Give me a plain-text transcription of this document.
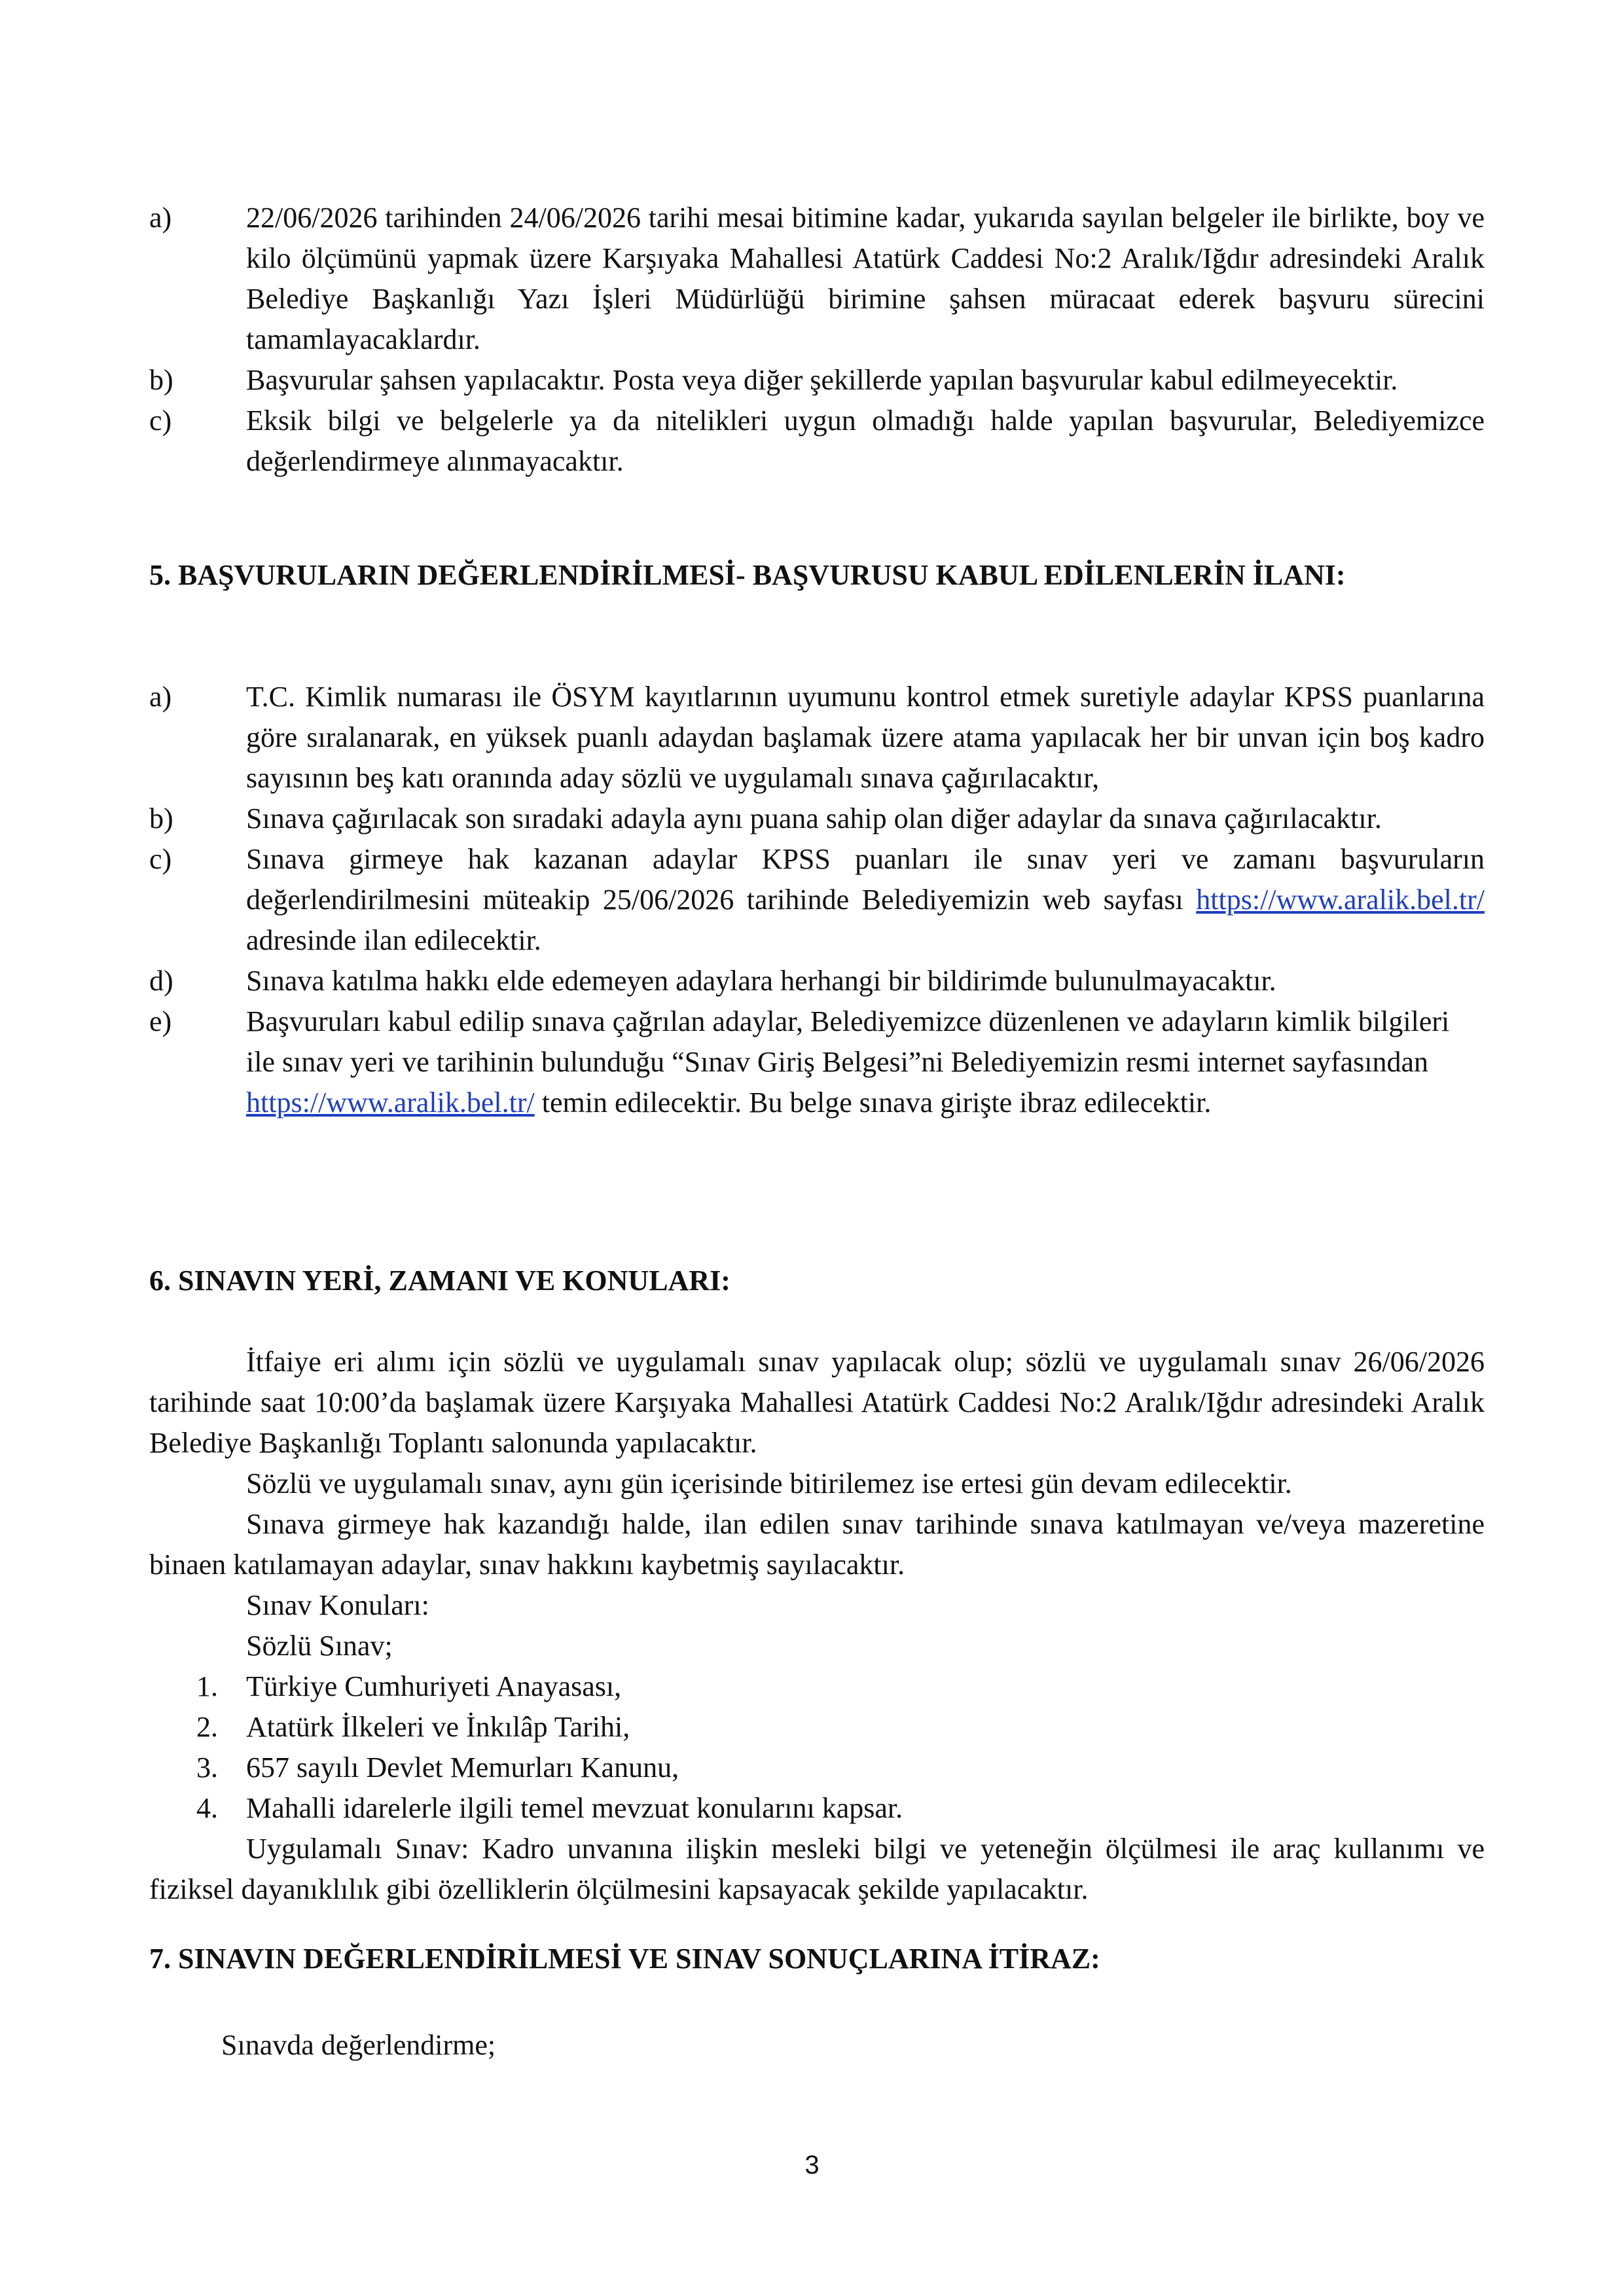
a)	22/06/2026 tarihinden 24/06/2026 tarihi mesai bitimine kadar, yukarıda sayılan belgeler ile birlikte, boy ve kilo ölçümünü yapmak üzere Karşıyaka Mahallesi Atatürk Caddesi No:2 Aralık/Iğdır adresindeki Aralık Belediye Başkanlığı Yazı İşleri Müdürlüğü birimine şahsen müracaat ederek başvuru sürecini tamamlayacaklardır.
b)	Başvurular şahsen yapılacaktır. Posta veya diğer şekillerde yapılan başvurular kabul edilmeyecektir.
c)	Eksik bilgi ve belgelerle ya da nitelikleri uygun olmadığı halde yapılan başvurular, Belediyemizce değerlendirmeye alınmayacaktır.
5. BAŞVURULARIN DEĞERLENDİRİLMESİ- BAŞVURUSU KABUL EDİLENLERİN İLANI:
a)	T.C. Kimlik numarası ile ÖSYM kayıtlarının uyumunu kontrol etmek suretiyle adaylar KPSS puanlarına göre sıralanarak, en yüksek puanlı adaydan başlamak üzere atama yapılacak her bir unvan için boş kadro sayısının beş katı oranında aday sözlü ve uygulamalı sınava çağırılacaktır,
b)	Sınava çağırılacak son sıradaki adayla aynı puana sahip olan diğer adaylar da sınava çağırılacaktır.
c)	Sınava girmeye hak kazanan adaylar KPSS puanları ile sınav yeri ve zamanı başvuruların değerlendirilmesini müteakip 25/06/2026 tarihinde Belediyemizin web sayfası https://www.aralik.bel.tr/ adresinde ilan edilecektir.
d)	Sınava katılma hakkı elde edemeyen adaylara herhangi bir bildirimde bulunulmayacaktır.
e)	Başvuruları kabul edilip sınava çağrılan adaylar, Belediyemizce düzenlenen ve adayların kimlik bilgileri ile sınav yeri ve tarihinin bulunduğu “Sınav Giriş Belgesi”ni Belediyemizin resmi internet sayfasından https://www.aralik.bel.tr/ temin edilecektir. Bu belge sınava girişte ibraz edilecektir.
6. SINAVIN YERİ, ZAMANI VE KONULARI:
İtfaiye eri alımı için sözlü ve uygulamalı sınav yapılacak olup; sözlü ve uygulamalı sınav 26/06/2026 tarihinde saat 10:00’da başlamak üzere Karşıyaka Mahallesi Atatürk Caddesi No:2 Aralık/Iğdır adresindeki Aralık Belediye Başkanlığı Toplantı salonunda yapılacaktır.
Sözlü ve uygulamalı sınav, aynı gün içerisinde bitirilemez ise ertesi gün devam edilecektir.
Sınava girmeye hak kazandığı halde, ilan edilen sınav tarihinde sınava katılmayan ve/veya mazeretine binaen katılamayan adaylar, sınav hakkını kaybetmiş sayılacaktır.
Sınav Konuları:
Sözlü Sınav;
1. Türkiye Cumhuriyeti Anayasası,
2. Atatürk İlkeleri ve İnkılâp Tarihi,
3. 657 sayılı Devlet Memurları Kanunu,
4. Mahalli idarelerle ilgili temel mevzuat konularını kapsar.
Uygulamalı Sınav: Kadro unvanına ilişkin mesleki bilgi ve yeteneğin ölçülmesi ile araç kullanımı ve fiziksel dayanıklılık gibi özelliklerin ölçülmesini kapsayacak şekilde yapılacaktır.
7. SINAVIN DEĞERLENDİRİLMESİ VE SINAV SONUÇLARINA İTİRAZ:
Sınavda değerlendirme;
3
